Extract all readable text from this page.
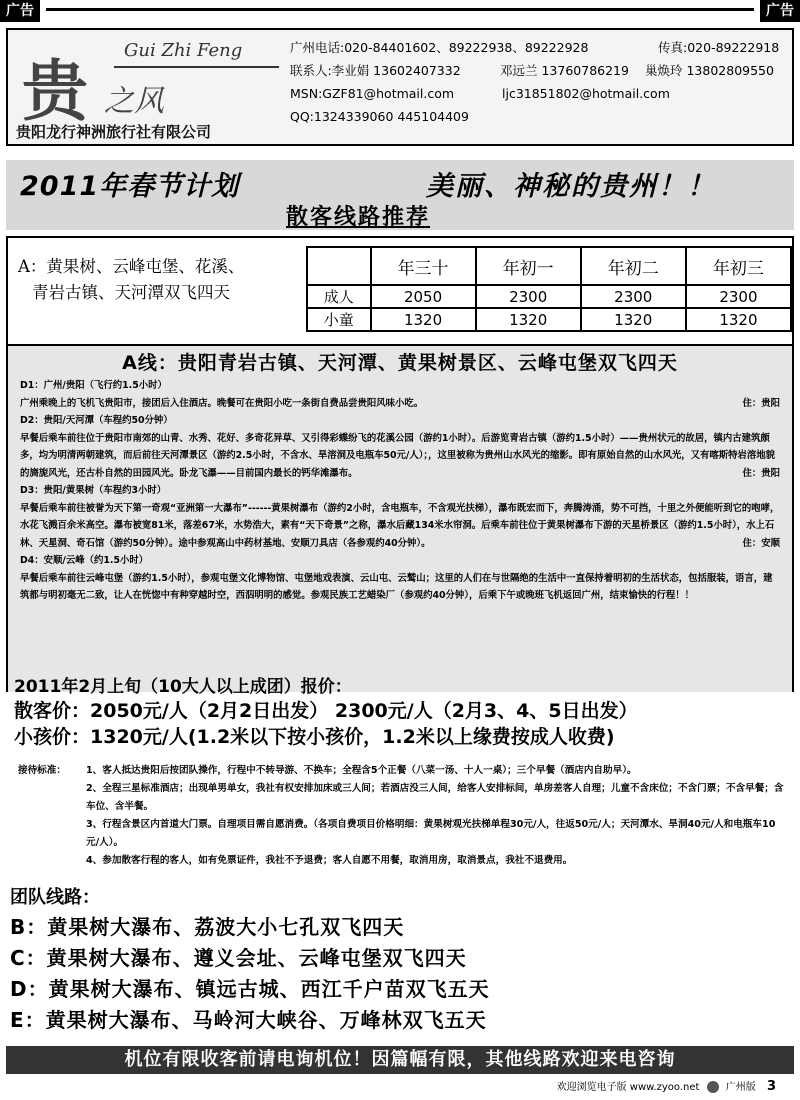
广告	广告
贵
Gui Zhi Feng
之风
贵阳龙行神洲旅行社有限公司
广州电话:020-84401602、89222938、89222928	传真:020-89222918
联系人:李业娟 13602407332	邓远兰 13760786219 巢焕玲 13802809550
MSN:GZF81@hotmail.com	ljc31851802@hotmail.com
QQ:1324339060 445104409
2011年春节计划	美丽、神秘的贵州！！
散客线路推荐
A：黄果树、云峰屯堡、花溪、
青岩古镇、天河潭双飞四天
	年三十	年初一	年初二	年初三
成人	2050	2300	2300	2300
小童	1320	1320	1320	1320
A线：贵阳青岩古镇、天河潭、黄果树景区、云峰屯堡双飞四天
D1：广州/贵阳（飞行约1.5小时）
住：贵阳
广州乘晚上的飞机飞贵阳市，接团后入住酒店。晚餐可在贵阳小吃一条街自费品尝贵阳风味小吃。
D2：贵阳/天河潭（车程约50分钟）
早餐后乘车前往位于贵阳市南郊的山青、水秀、花好、多奇花异草、又引得彩蝶纷飞的花溪公园（游约1小时）。后游览青岩古镇（游约1.5小时）——贵州状元的故居，镇内古建筑颇多，均为明清两朝建筑，而后前往天河潭景区（游约2.5小时，不含水、旱溶洞及电瓶车50元/人）；，这里被称为贵州山水风光的缩影。即有原始自然的山水风光，又有喀斯特岩溶地貌的旖旎风光，还古朴自然的田园风光。卧龙飞瀑——目前国内最长的钙华滩瀑布。	住：贵阳
D3：贵阳/黄果树（车程约3小时）
早餐后乘车前往被誉为天下第一奇观“亚洲第一大瀑布”------黄果树瀑布（游约2小时，含电瓶车，不含观光扶梯），瀑布既宏而下，奔腾涛涌，势不可挡，十里之外便能听到它的咆哮，水花飞溅百余米高空。瀑布被宽81米，落差67米，水势浩大，素有“天下奇景”之称，瀑水后藏134米水帘洞。后乘车前往位于黄果树瀑布下游的天星桥景区（游约1.5小时），水上石林、天星洞、奇石馆（游约50分钟）。途中参观高山中药材基地、安顺刀具店（各参观约40分钟）。	住：安顺
D4：安顺/云峰（约1.5小时）
早餐后乘车前往云峰屯堡（游约1.5小时），参观屯堡文化博物馆、屯堡地戏表演、云山屯、云鹫山；这里的人们在与世隔绝的生活中一直保持着明初的生活状态，包括服装，语言，建筑都与明初毫无二致，让人在恍惚中有种穿越时空，西泅明明的感觉。参观民族工艺蜡染厂（参观约40分钟），后乘下午或晚班飞机返回广州，结束愉快的行程！！
2011年2月上旬（10大人以上成团）报价：
散客价：2050元/人（2月2日出发） 2300元/人（2月3、4、5日出发）
小孩价：1320元/人(1.2米以下按小孩价，1.2米以上缘费按成人收费)
接待标准： 1、客人抵达贵阳后按团队操作，行程中不转导游、不换车；全程含5个正餐（八菜一汤、十人一桌）；三个早餐（酒店内自助早）。
2、全程三星标准酒店；出现单男单女，我社有权安排加床或三人间；若酒店没三人间，给客人安排标间，单房差客人自理；儿童不含床位；不含门票；不含早餐；含车位、含半餐。
3、行程含景区内首道大门票。自理项目需自愿消费。（各项自费项目价格明细：黄果树观光扶梯单程30元/人，往返50元/人；天河潭水、旱洞40元/人和电瓶车10元/人）。
4、参加散客行程的客人，如有免票证件，我社不予退费；客人自愿不用餐，取消用房，取消景点，我社不退费用。
团队线路：
B：黄果树大瀑布、荔波大小七孔双飞四天
C：黄果树大瀑布、遵义会址、云峰屯堡双飞四天
D：黄果树大瀑布、镇远古城、西江千户苗双飞五天
E：黄果树大瀑布、马岭河大峡谷、万峰林双飞五天
机位有限收客前请电询机位！因篇幅有限，其他线路欢迎来电咨询
欢迎浏览电子版 www.zyoo.net	广州版 3
